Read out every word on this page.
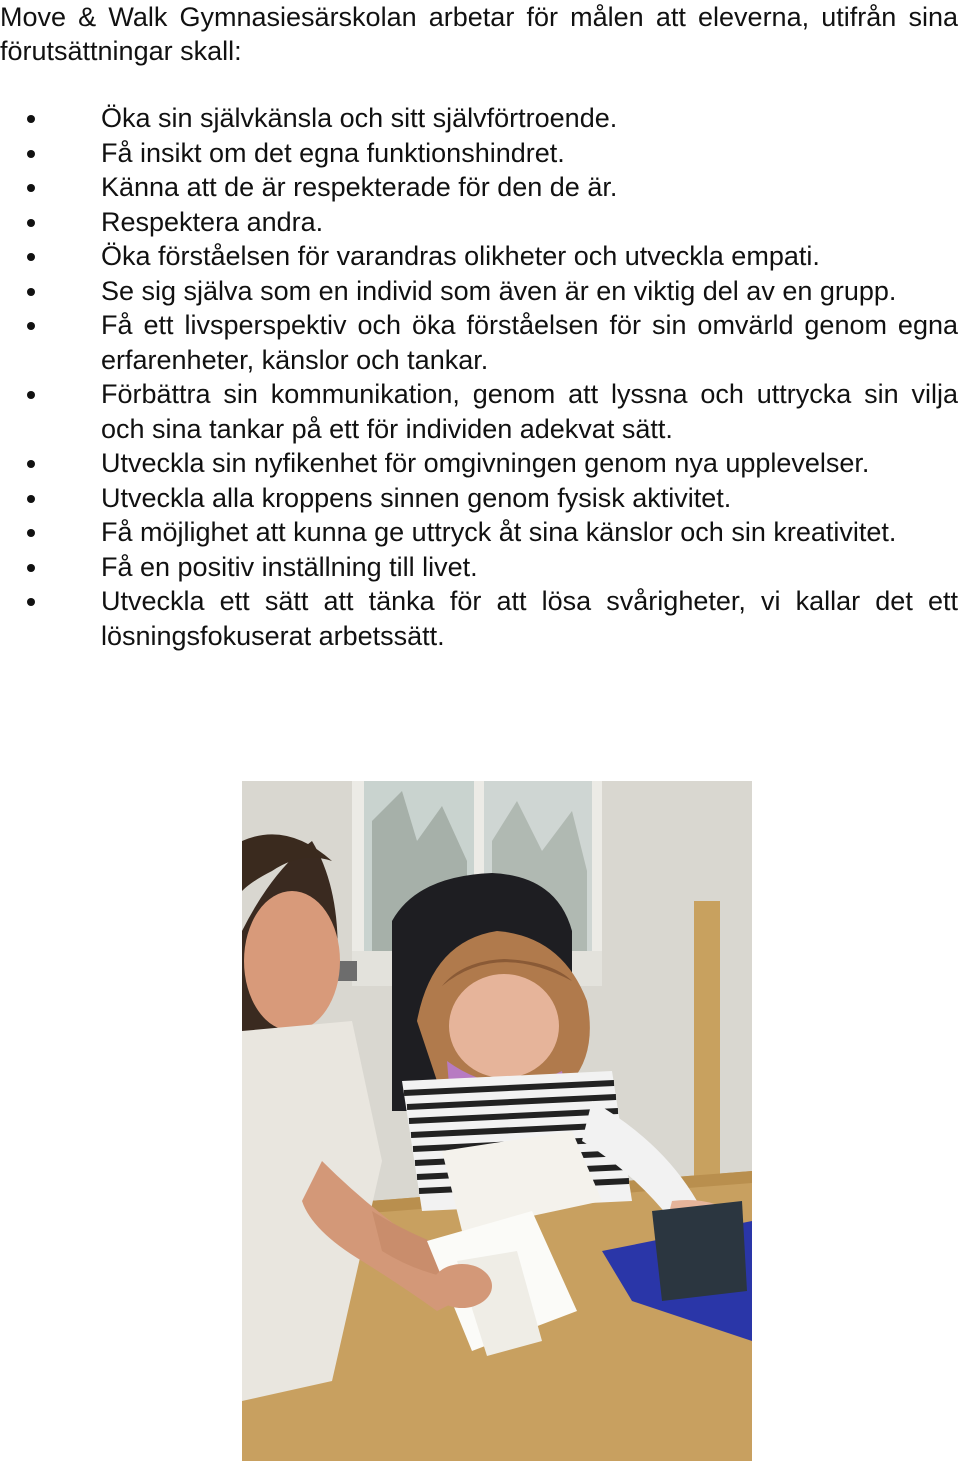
Move & Walk Gymnasiesärskolan arbetar för målen att eleverna, utifrån sina förutsättningar skall:

Öka sin självkänsla och sitt självförtroende.
Få insikt om det egna funktionshindret.
Känna att de är respekterade för den de är.
Respektera andra.
Öka förståelsen för varandras olikheter och utveckla empati.
Se sig själva som en individ som även är en viktig del av en grupp.
Få ett livsperspektiv och öka förståelsen för sin omvärld genom egna erfarenheter, känslor och tankar.
Förbättra sin kommunikation, genom att lyssna och uttrycka sin vilja och sina tankar på ett för individen adekvat sätt.
Utveckla sin nyfikenhet för omgivningen genom nya upplevelser.
Utveckla alla kroppens sinnen genom fysisk aktivitet.
Få möjlighet att kunna ge uttryck åt sina känslor och sin kreativitet.
Få en positiv inställning till livet.
Utveckla ett sätt att tänka för att lösa svårigheter, vi kallar det ett lösningsfokuserat arbetssätt.
